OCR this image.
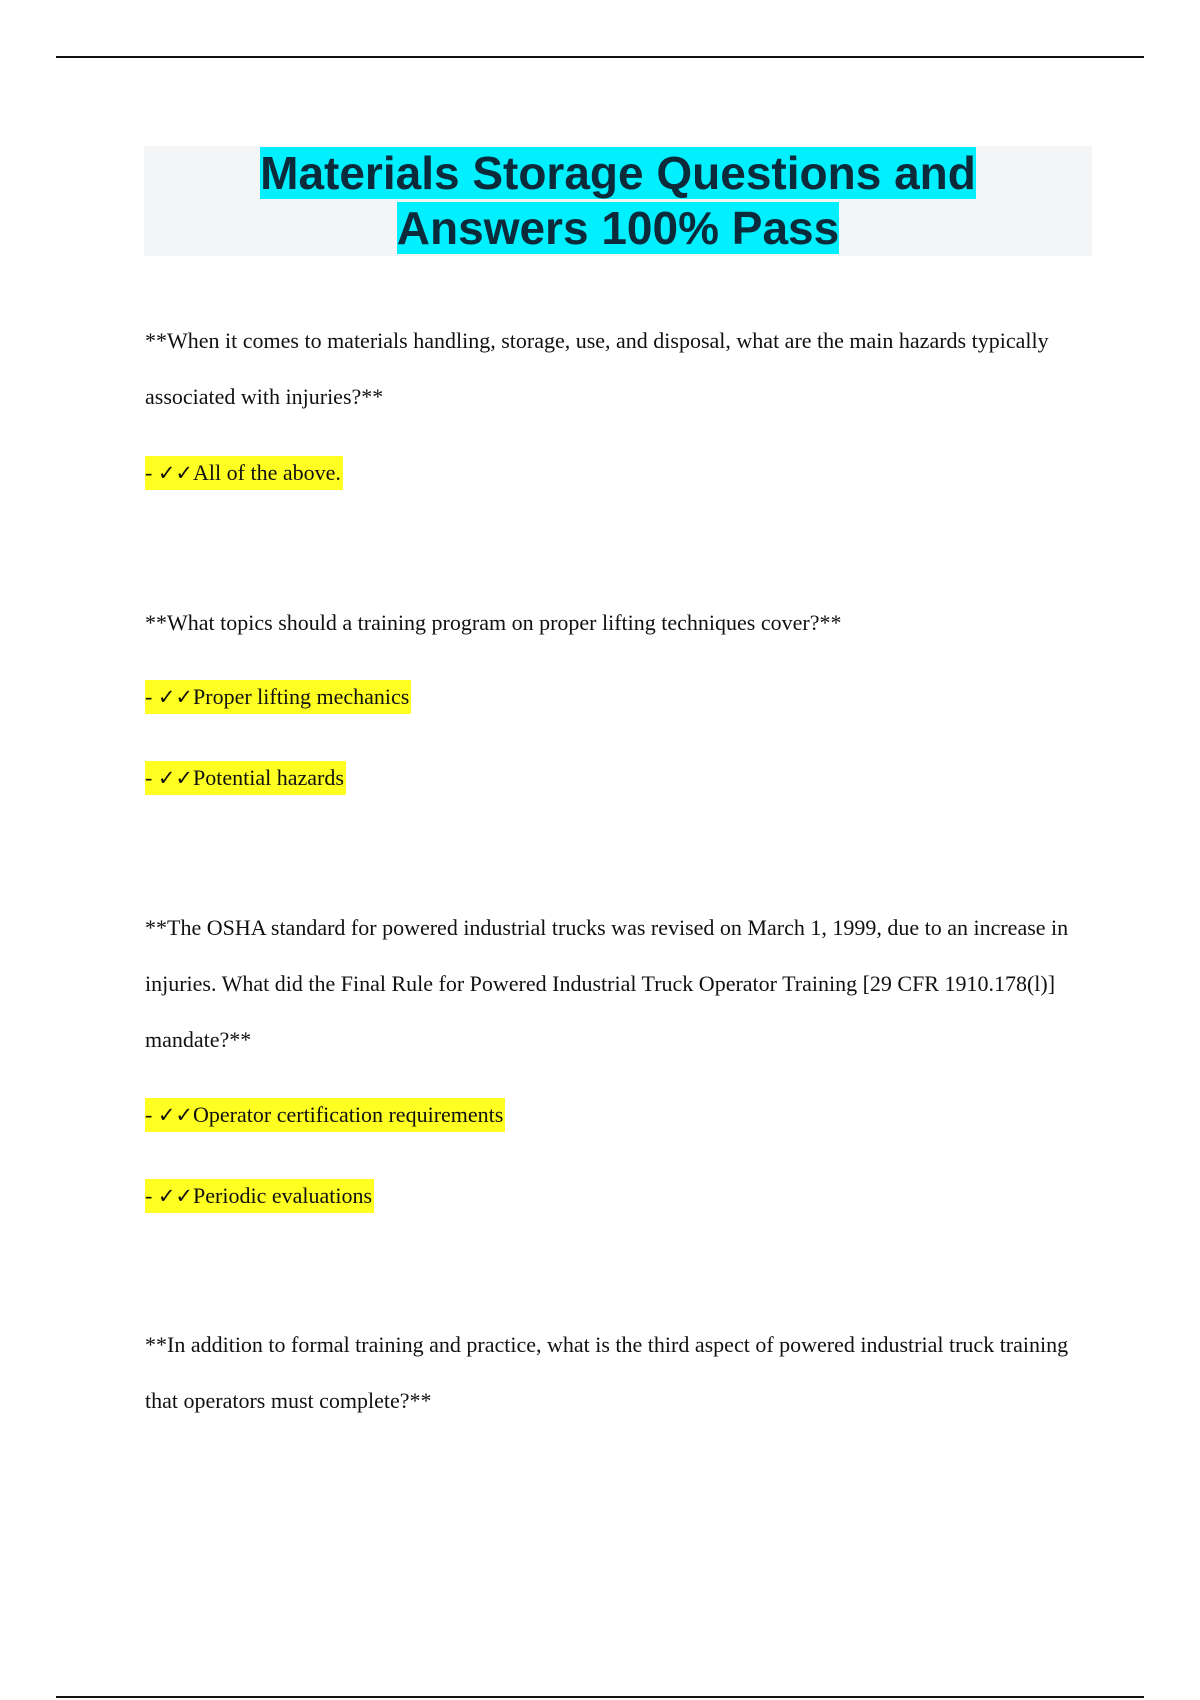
Materials Storage Questions and
Answers 100% Pass

**When it comes to materials handling, storage, use, and disposal, what are the main hazards typically associated with injuries?**

- ✓✓All of the above.

**What topics should a training program on proper lifting techniques cover?**

- ✓✓Proper lifting mechanics
- ✓✓Potential hazards

**The OSHA standard for powered industrial trucks was revised on March 1, 1999, due to an increase in injuries. What did the Final Rule for Powered Industrial Truck Operator Training [29 CFR 1910.178(l)] mandate?**

- ✓✓Operator certification requirements
- ✓✓Periodic evaluations

**In addition to formal training and practice, what is the third aspect of powered industrial truck training that operators must complete?**
